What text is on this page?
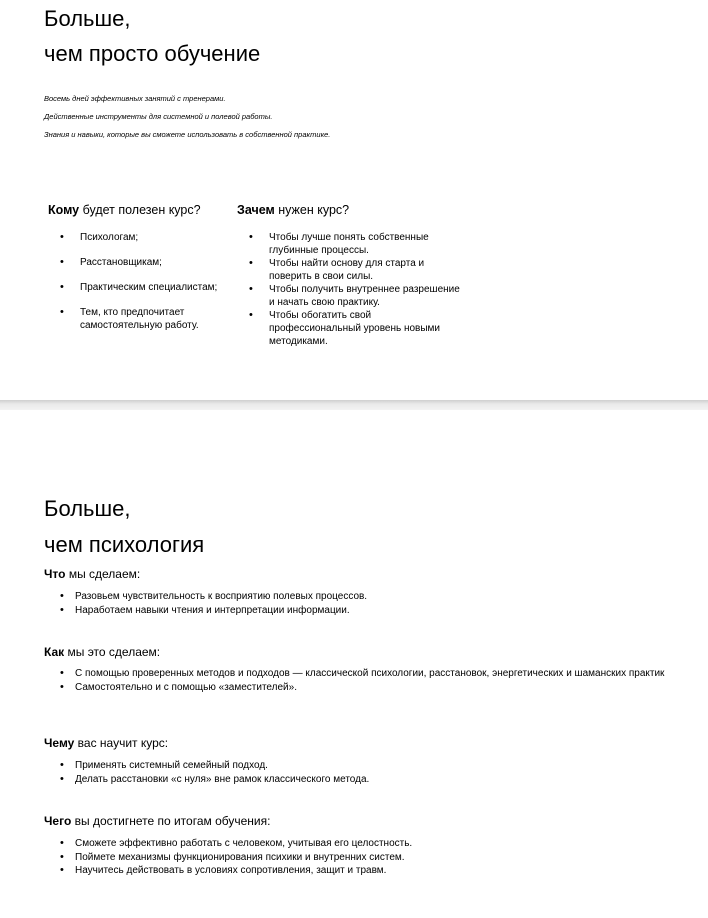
Больше,
чем просто обучение

Восемь дней эффективных занятий с тренерами.

Действенные инструменты для системной и полевой работы.

Знания и навыки, которые вы сможете использовать в собственной практике.

Кому будет полезен курс?

• Психологам;
• Расстановщикам;
• Практическим специалистам;
• Тем, кто предпочитает самостоятельную работу.

Зачем нужен курс?

• Чтобы лучше понять собственные глубинные процессы.
• Чтобы найти основу для старта и поверить в свои силы.
• Чтобы получить внутреннее разрешение и начать свою практику.
• Чтобы обогатить свой профессиональный уровень новыми методиками.
Больше,
чем психология

Что мы сделаем:

• Разовьем чувствительность к восприятию полевых процессов.
• Наработаем навыки чтения и интерпретации информации.

Как мы это сделаем:

• С помощью проверенных методов и подходов — классической психологии, расстановок, энергетических и шаманских практик
• Самостоятельно и с помощью «заместителей».

Чему вас научит курс:

• Применять системный семейный подход.
• Делать расстановки «с нуля» вне рамок классического метода.

Чего вы достигнете по итогам обучения:

• Сможете эффективно работать с человеком, учитывая его целостность.
• Поймете механизмы функционирования психики и внутренних систем.
• Научитесь действовать в условиях сопротивления, защит и травм.
